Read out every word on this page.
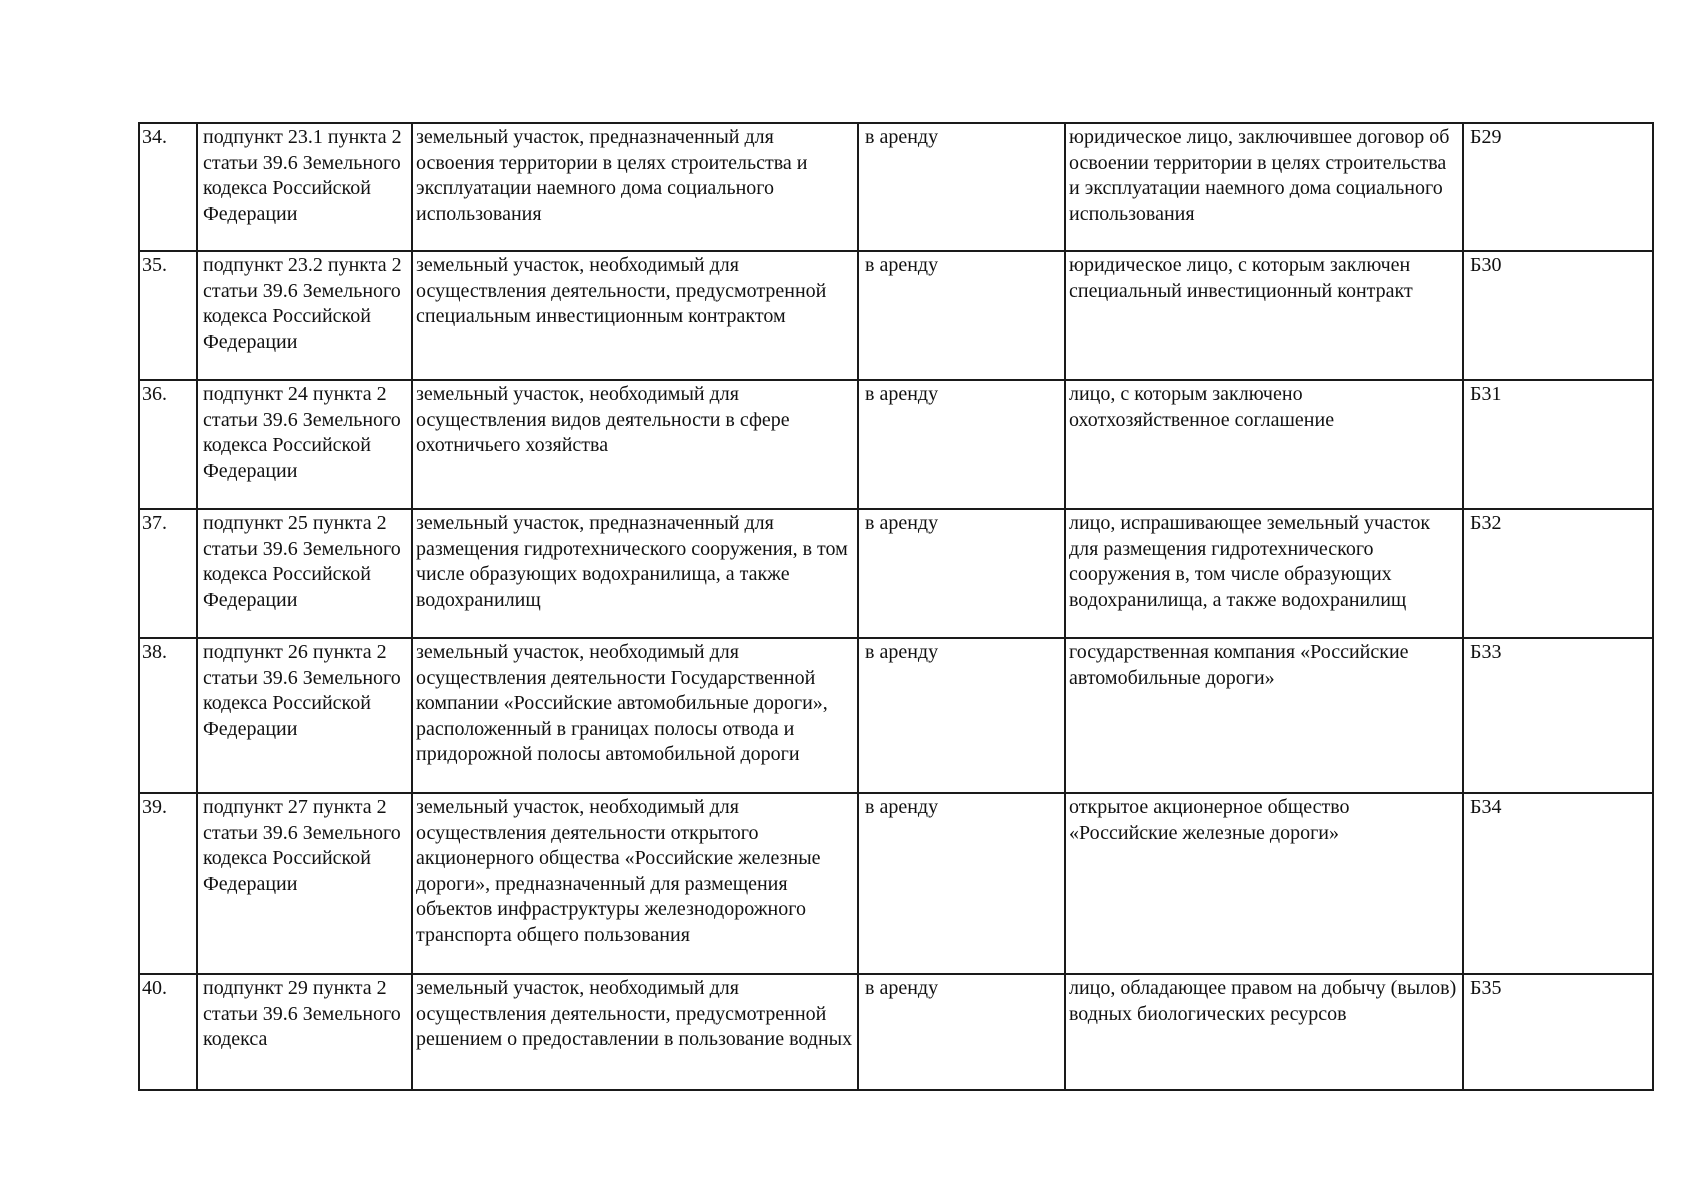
34.	подпункт 23.1 пункта 2 статьи 39.6 Земельного кодекса Российской Федерации	земельный участок, предназначенный для освоения территории в целях строительства и эксплуатации наемного дома социального использования	в аренду	юридическое лицо, заключившее договор об освоении территории в целях строительства и эксплуатации наемного дома социального использования	Б29

35.	подпункт 23.2 пункта 2 статьи 39.6 Земельного кодекса Российской Федерации	земельный участок, необходимый для осуществления деятельности, предусмотренной специальным инвестиционным контрактом	в аренду	юридическое лицо, с которым заключен специальный инвестиционный контракт	Б30

36.	подпункт 24 пункта 2 статьи 39.6 Земельного кодекса Российской Федерации	земельный участок, необходимый для осуществления видов деятельности в сфере охотничьего хозяйства	в аренду	лицо, с которым заключено охотхозяйственное соглашение	Б31

37.	подпункт 25 пункта 2 статьи 39.6 Земельного кодекса Российской Федерации	земельный участок, предназначенный для размещения гидротехнического сооружения, в том числе образующих водохранилища, а также водохранилищ	в аренду	лицо, испрашивающее земельный участок для размещения гидротехнического сооружения в, том числе образующих водохранилища, а также водохранилищ	Б32

38.	подпункт 26 пункта 2 статьи 39.6 Земельного кодекса Российской Федерации	земельный участок, необходимый для осуществления деятельности Государственной компании «Российские автомобильные дороги», расположенный в границах полосы отвода и придорожной полосы автомобильной дороги	в аренду	государственная компания «Российские автомобильные дороги»	Б33

39.	подпункт 27 пункта 2 статьи 39.6 Земельного кодекса Российской Федерации	земельный участок, необходимый для осуществления деятельности открытого акционерного общества «Российские железные дороги», предназначенный для размещения объектов инфраструктуры железнодорожного транспорта общего пользования	в аренду	открытое акционерное общество «Российские железные дороги»	Б34

40.	подпункт 29 пункта 2 статьи 39.6 Земельного кодекса	земельный участок, необходимый для осуществления деятельности, предусмотренной решением о предоставлении в пользование водных	в аренду	лицо, обладающее правом на добычу (вылов) водных биологических ресурсов	Б35
